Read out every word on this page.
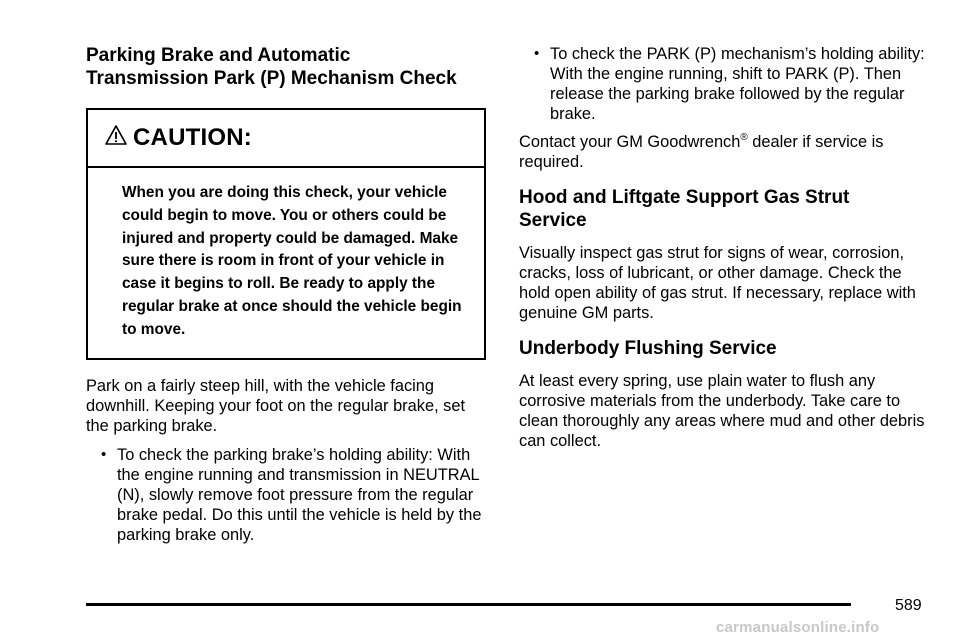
Parking Brake and Automatic
Transmission Park (P) Mechanism Check
CAUTION:

When you are doing this check, your vehicle could begin to move. You or others could be injured and property could be damaged. Make sure there is room in front of your vehicle in case it begins to roll. Be ready to apply the regular brake at once should the vehicle begin to move.

Park on a fairly steep hill, with the vehicle facing downhill. Keeping your foot on the regular brake, set the parking brake.

• To check the parking brake’s holding ability: With the engine running and transmission in NEUTRAL (N), slowly remove foot pressure from the regular brake pedal. Do this until the vehicle is held by the parking brake only.

• To check the PARK (P) mechanism’s holding ability: With the engine running, shift to PARK (P). Then release the parking brake followed by the regular brake.

Contact your GM Goodwrench® dealer if service is required.

Hood and Liftgate Support Gas Strut
Service

Visually inspect gas strut for signs of wear, corrosion, cracks, loss of lubricant, or other damage. Check the hold open ability of gas strut. If necessary, replace with genuine GM parts.

Underbody Flushing Service

At least every spring, use plain water to flush any corrosive materials from the underbody. Take care to clean thoroughly any areas where mud and other debris can collect.

589
carmanualsonline.info
